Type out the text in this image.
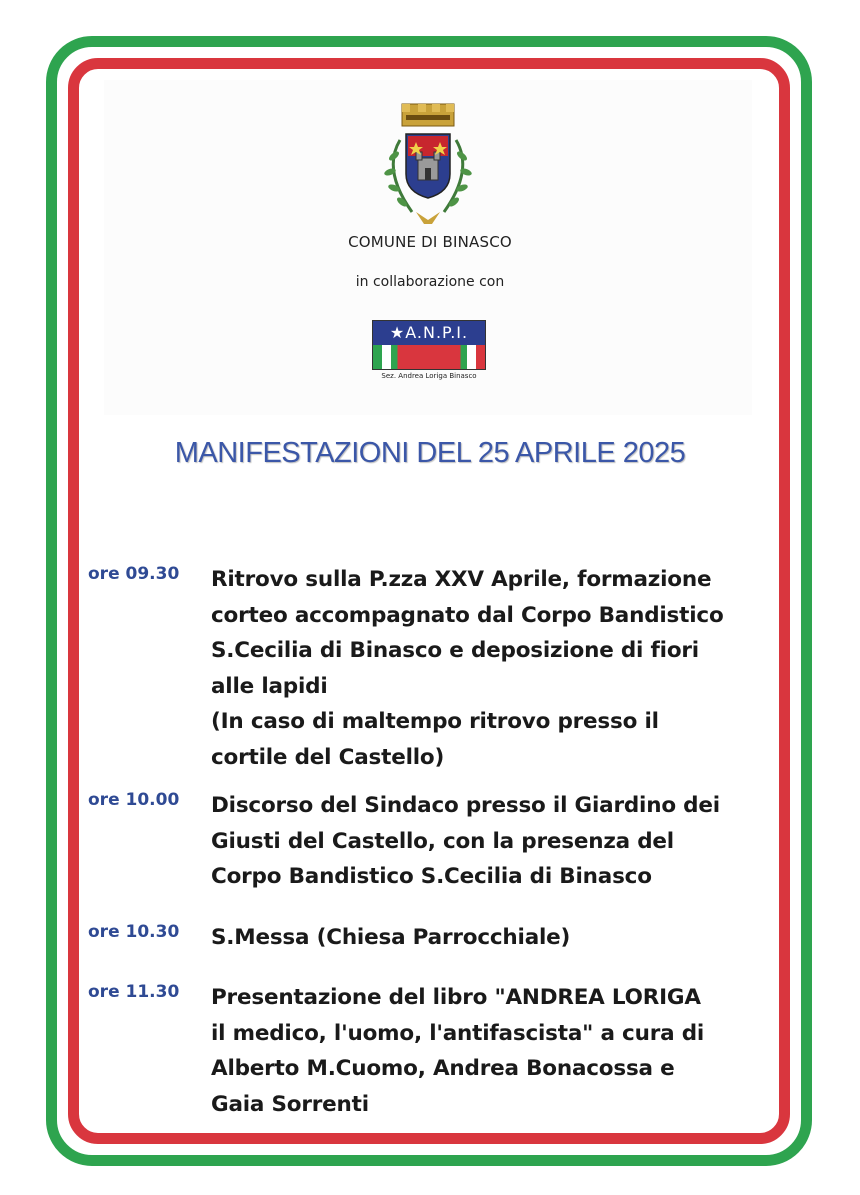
COMUNE DI BINASCO
in collaborazione con
★A.N.P.I.
Sez. Andrea Loriga Binasco
MANIFESTAZIONI DEL 25 APRILE 2025
ore 09.30	Ritrovo sulla P.zza XXV Aprile, formazione
corteo accompagnato dal Corpo Bandistico
S.Cecilia di Binasco e deposizione di fiori
alle lapidi
(In caso di maltempo ritrovo presso il
cortile del Castello)
ore 10.00	Discorso del Sindaco presso il Giardino dei
Giusti del Castello, con la presenza del
Corpo Bandistico S.Cecilia di Binasco
ore 10.30	S.Messa (Chiesa Parrocchiale)
ore 11.30	Presentazione del libro "ANDREA LORIGA
il medico, l'uomo, l'antifascista" a cura di
Alberto M.Cuomo, Andrea Bonacossa e
Gaia Sorrenti
